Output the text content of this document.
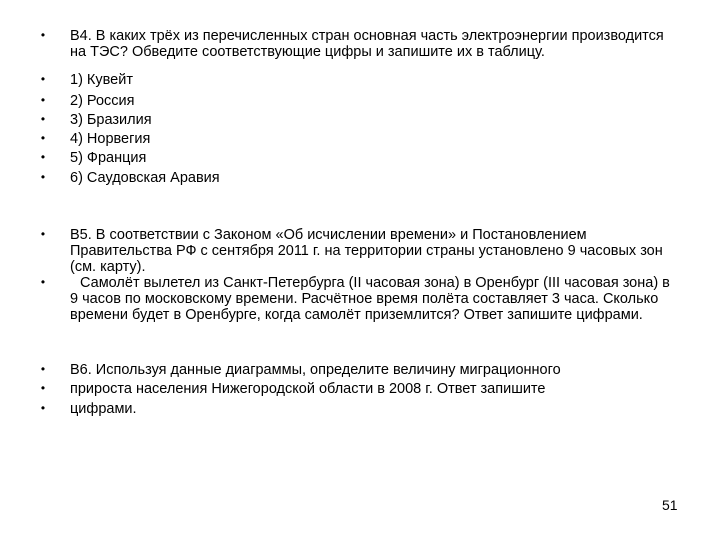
• В4. В каких трёх из перечисленных стран основная часть электроэнергии производится на ТЭС? Обведите соответствующие цифры и запишите их в таблицу.
• 1) Кувейт
• 2) Россия
• 3) Бразилия
• 4) Норвегия
• 5) Франция
• 6) Саудовская Аравия
• В5. В соответствии с Законом «Об исчислении времени» и Постановлением Правительства РФ с сентября 2011 г. на территории страны установлено 9 часовых зон (см. карту).
•	Самолёт вылетел из Санкт-Петербурга (II часовая зона) в Оренбург (III часовая зона) в 9 часов по московскому времени. Расчётное время полёта составляет 3 часа. Сколько времени будет в Оренбурге, когда самолёт приземлится? Ответ запишите цифрами.
• В6. Используя данные диаграммы, определите величину миграционного
• прироста населения Нижегородской области в 2008 г. Ответ запишите
• цифрами.
51
